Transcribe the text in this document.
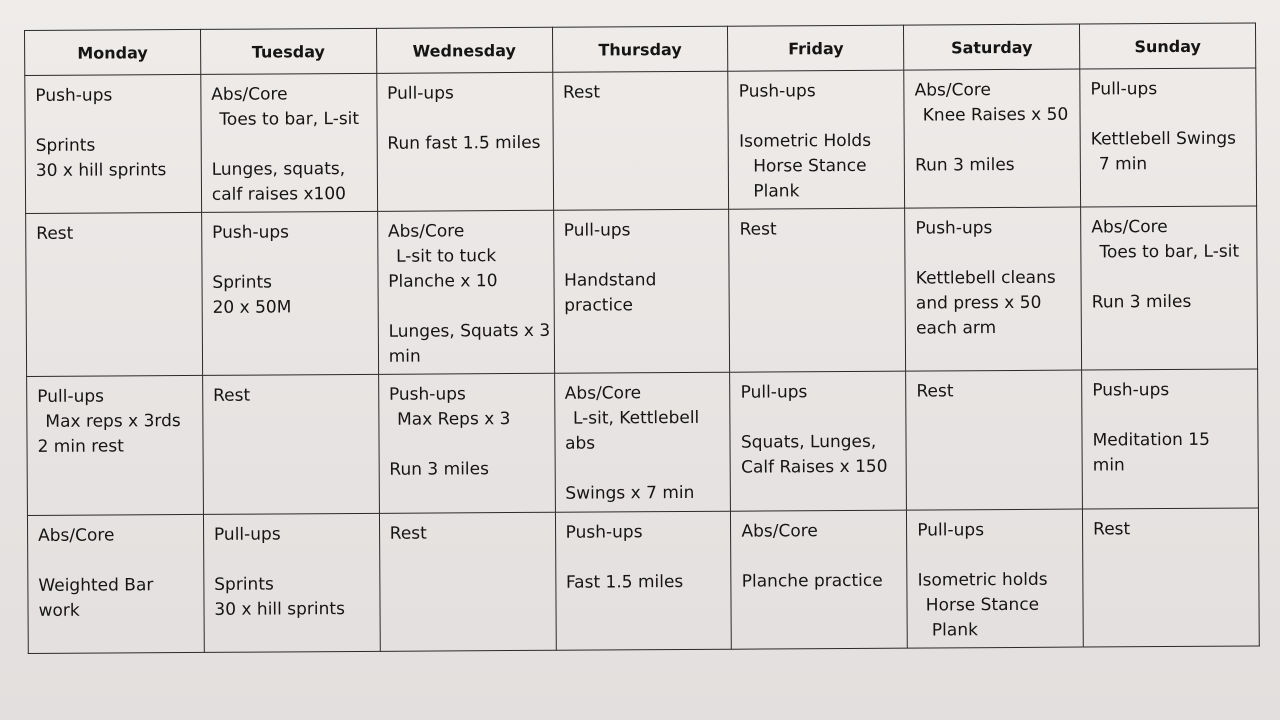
Monday	Tuesday	Wednesday	Thursday	Friday	Saturday	Sunday

Push-ups
Sprints
30 x hill sprints	Abs/Core
Toes to bar, L-sit
Lunges, squats,
calf raises x100	Pull-ups
Run fast 1.5 miles	Rest	Push-ups
Isometric Holds
Horse Stance
Plank	Abs/Core
Knee Raises x 50
Run 3 miles	Pull-ups
Kettlebell Swings
7 min

Rest	Push-ups
Sprints
20 x 50M	Abs/Core
L-sit to tuck
Planche x 10
Lunges, Squats x 3
min	Pull-ups
Handstand
practice	Rest	Push-ups
Kettlebell cleans
and press x 50
each arm	Abs/Core
Toes to bar, L-sit
Run 3 miles

Pull-ups
Max reps x 3rds
2 min rest	Rest	Push-ups
Max Reps x 3
Run 3 miles	Abs/Core
L-sit, Kettlebell
abs
Swings x 7 min	Pull-ups
Squats, Lunges,
Calf Raises x 150	Rest	Push-ups
Meditation 15
min

Abs/Core
Weighted Bar
work	Pull-ups
Sprints
30 x hill sprints	Rest	Push-ups
Fast 1.5 miles	Abs/Core
Planche practice	Pull-ups
Isometric holds
Horse Stance
Plank	Rest
